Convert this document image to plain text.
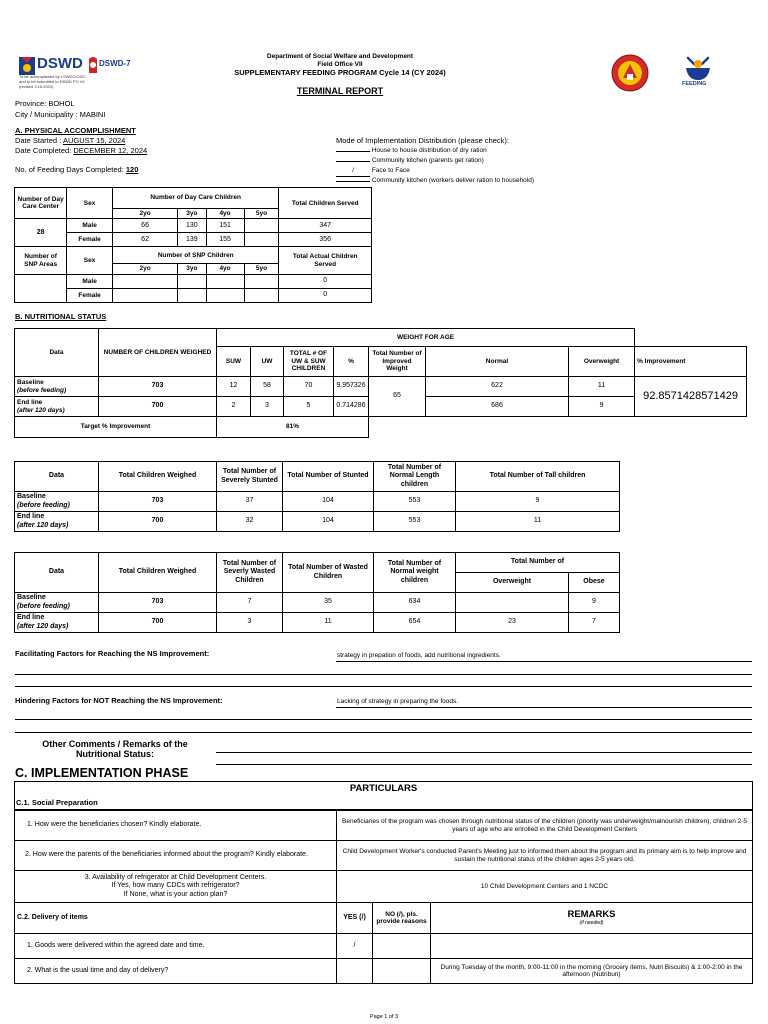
DSWD DSWD-7
To be accomplished by LSWDO/CDO
and to be submitted to DSWD FO VII
(revised 3.15.2023)
Department of Social Welfare and Development
Field Office VII
SUPPLEMENTARY FEEDING PROGRAM Cycle 14 (CY 2024)
TERMINAL REPORT
FEEDING
Province: BOHOL
City / Municipality : MABINI
A. PHYSICAL ACCOMPLISHMENT
Date Started : AUGUST 15, 2024
Date Completed: DECEMBER 12, 2024
No. of Feeding Days Completed: 120
Mode of Implementation Distribution (please check):
House to house distribution of dry ration
Community kitchen (parents get ration)
/	Face to Face
Community kitchen (workers deliver ration to household)
Number of Day Care Center	Sex	Number of Day Care Children				Total Children Served
		2yo	3yo	4yo	5yo	
28	Male	66	130	151		347
	Female	62	139	155		356
Number of SNP Areas	Sex	Number of SNP Children				Total Actual Children Served
		2yo	3yo	4yo	5yo	
	Male					0
	Female					0
B. NUTRITIONAL STATUS
Data	NUMBER OF CHILDREN WEIGHED	WEIGHT FOR AGE							
		SUW	UW	TOTAL # OF UW & SUW CHILDREN	%	Total Number of Improved Weight	Normal	Overweight	% Improvement
Baseline
(before feeding)	703	12	58	70	9.957326	65	622	11	92.8571428571429
End line
(after 120 days)	700	2	3	5	0.714286		686	9	
Target % Improvement		81%							
Data	Total Children Weighed	Total Number of Severely Stunted	Total Number of Stunted	Total Number of Normal Length children	Total Number of Tall children
Baseline
(before feeding)	703	37	104	553	9
End line
(after 120 days)	700	32	104	553	11
Data	Total Children Weighed	Total Number of Severly Wasted Children	Total Number of Wasted Children	Total Number of Normal weight children	Total Number of	
					Overweight	Obese
Baseline
(before feeding)	703	7	35	634		9
End line
(after 120 days)	700	3	11	654	23	7
Facilitating Factors for Reaching the NS Improvement:	strategy in prepation of foods, add nutritional ingredients.
Hindering Factors for NOT Reaching the NS Improvement:	Lacking of strategy in preparing the foods.
Other Comments / Remarks of the
Nutritional Status:
C. IMPLEMENTATION PHASE
PARTICULARS			

1. How were the beneficiaries chosen? Kindly elaborate.	Beneficiaries of the program was chosen through nutritional status of the children (priority was underweight/malnourish children), children 2-5 years of age who are enrolled in the Child Development Centers		
2. How were the parents of the beneficiaries informed about the program? Kindly elaborate.	Child Development Worker's conducted Parent's Meeting just to informed them about the program and its primary aim is to help improve and sustain the nutritional status of the children ages 2-5 years old.		

3. Availability of refrigerator at Child Development Centers.
If Yes, how many CDCs with refrigerator?
If None, what is your action plan?	10 Child Development Centers and 1 NCDC		
C.2. Delivery of items	YES (/)	NO (/), pls. provide reasons	REMARKS
(if needed)

1. Goods were delivered within the agreed date and time.	/		
2. What is the usual time and day of delivery?			During Tuesday of the month, 9:00-11:00 in the morning (Grocery items, Nutri Biscuits) & 1:00-2:00 in the afternoon (Nutribun)
C.1. Social Preparation
Page 1 of 3
